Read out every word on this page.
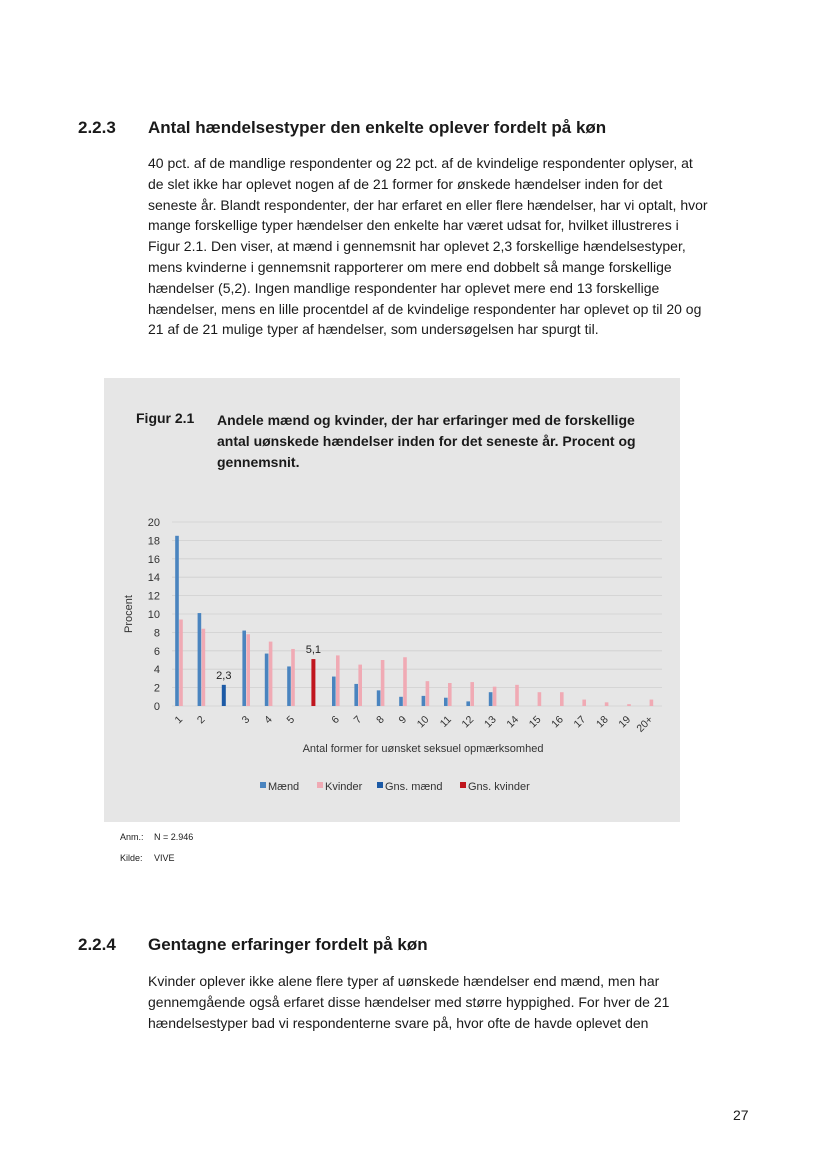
2.2.3 Antal hændelsestyper den enkelte oplever fordelt på køn

40 pct. af de mandlige respondenter og 22 pct. af de kvindelige respondenter oplyser, at de slet ikke har oplevet nogen af de 21 former for ønskede hændelser inden for det seneste år. Blandt respondenter, der har erfaret en eller flere hændelser, har vi optalt, hvor mange forskellige typer hændelser den enkelte har været udsat for, hvilket illustreres i Figur 2.1. Den viser, at mænd i gennemsnit har oplevet 2,3 forskellige hændelsestyper, mens kvinderne i gennemsnit rapporterer om mere end dobbelt så mange forskellige hændelser (5,2). Ingen mandlige respondenter har oplevet mere end 13 forskellige hændelser, mens en lille procentdel af de kvindelige respondenter har oplevet op til 20 og 21 af de 21 mulige typer af hændelser, som undersøgelsen har spurgt til.

Figur 2.1 Andele mænd og kvinder, der har erfaringer med de forskellige antal uønskede hændelser inden for det seneste år. Procent og gennemsnit.
0
2
4
6
8
10
12
14
16
18
20
Procent
2,3
5,1
1 2	3 4 5	6 7 8 9 10 11 12 13 14 15 16 17 18 19 20+
Antal former for uønsket seksuel opmærksomhed
Mænd Kvinder Gns. mænd Gns. kvinder
Anm.: N = 2.946
Kilde: VIVE
2.2.4 Gentagne erfaringer fordelt på køn

Kvinder oplever ikke alene flere typer af uønskede hændelser end mænd, men har gennemgående også erfaret disse hændelser med større hyppighed. For hver de 21 hændelsestyper bad vi respondenterne svare på, hvor ofte de havde oplevet den

27
